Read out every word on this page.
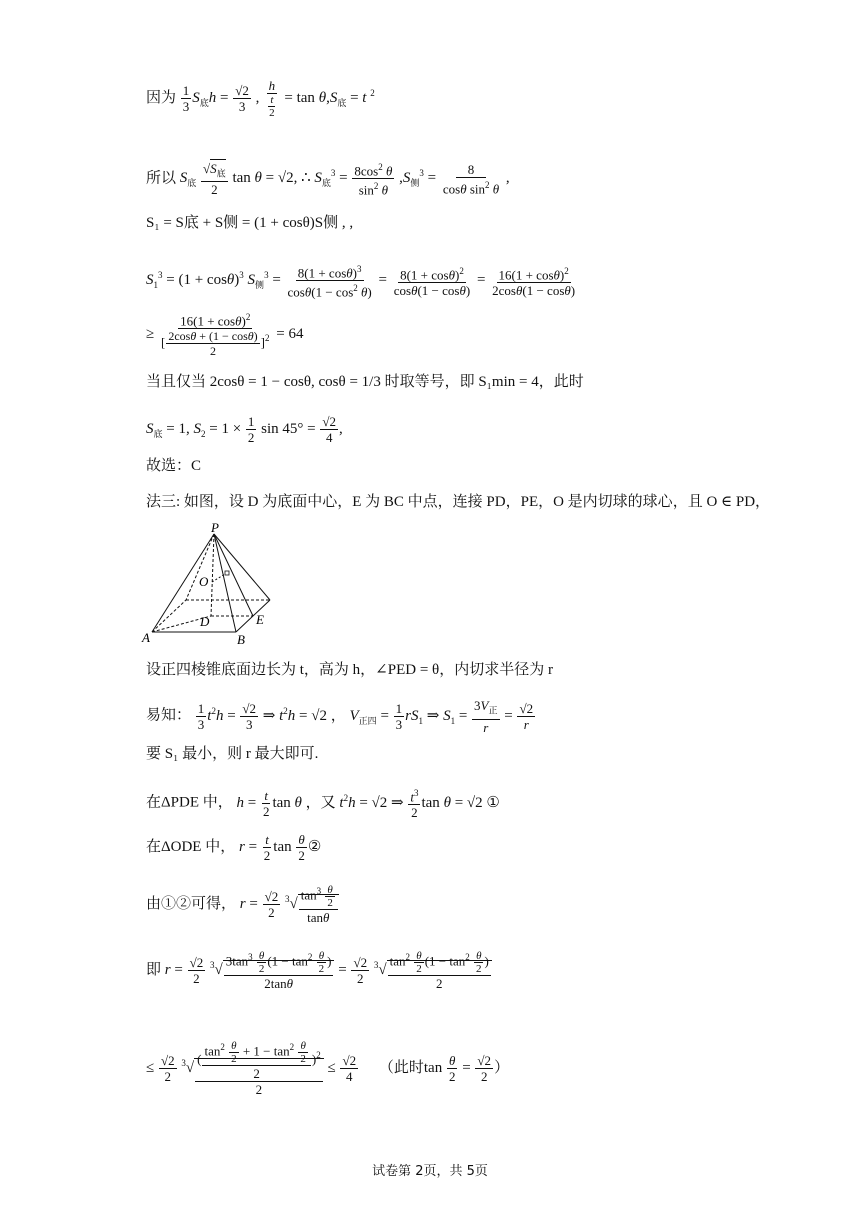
因为 $\frac{1}{3} S_底h = \frac{√2}{3}$ , $\frac{h}{\frac{t}{2}} = \tan \theta,S_底 = t$ $^2$
所以 $S_底 \frac{√S_底}{2}$ tan θ = √2, ∴ $S_底^3 = \frac{8\cos^2 \theta}{\sin^2 \theta} ,S_侧^3 = \frac{8}{\cos\theta \sin^2 \theta}$ ,
S₁ = S底 + S侧 = (1 + cosθ)S侧 , ,
$S_1^3 = (1 + \cos\theta)^3$ $S_侧^3 = \frac{8(1 + \cos\theta)^3}{\cos\theta(1 - \cos^2 \theta)} = \frac{8(1 + \cos\theta)^2}{\cos\theta(1 - \cos\theta)} = \frac{16(1 + \cos\theta)^2}{2\cos\theta(1 - \cos\theta)}$
≥ $\frac{16(1 + \cos\theta)^2}{[ \frac{2\cos\theta + (1 - \cos\theta)}{2} ]^2} = 64$
当且仅当 2cosθ = 1 − cosθ, cosθ = 1/3 时取等号，即 S₁min = 4，此时
$S_底 = 1$, $S_2 = 1 \times \frac{1}{2}$ $\sin 45^\circ = \frac{√2}{4}$ ,
故选：C
法三: 如图，设 D 为底面中心，E 为 BC 中点，连接 PD，PE，O 是内切球的球心，且 O ∈ PD，
P
O
A
D
B
E
设正四棱锥底面边长为 t，高为 h，∠PED = θ，内切求半径为 r
易知： $\frac{1}{3} t^2h = \frac{√2}{3}$ ⇒ $t^2h = √2$ ， $V_{正四} = \frac{1}{3} rS_1$ ⇒ $S_1 = \frac{3V_正}{r} = \frac{√2}{r}$
要 S₁ 最小，则 r 最大即可.
在ΔPDE 中， $h = \frac{t}{2}$ tan θ ，又 $t^2h = √2$ ⇒ $\frac{t^3}{2}$ tan θ = √2 ①
在ΔODE 中， $r = \frac{t}{2}$ $\tan \frac{\theta}{2}$ ②
由①②可得， $r = \frac{√2}{2} ^3√ \frac{\tan^3 \frac{\theta}{2}}{\tan\theta}$
即 $r = \frac{√2}{2} ^3√ \frac{3\tan^3 \frac{\theta}{2} (1 - \tan^2 \frac{\theta}{2} )}{2\tan\theta} = \frac{√2}{2} ^3√ \frac{\tan^2 \frac{\theta}{2} (1 - \tan^2 \frac{\theta}{2} )}{2}$
≤ $\frac{√2}{2} ^3√ \frac{( \frac{\tan^2 \frac{\theta}{2} + 1 - \tan^2 \frac{\theta}{2}}{2} )^2}{2} \le \frac{√2}{4}$ （此时$\tan \frac{\theta}{2} = \frac{√2}{2}$ ）
试卷第 2页，共 5页
